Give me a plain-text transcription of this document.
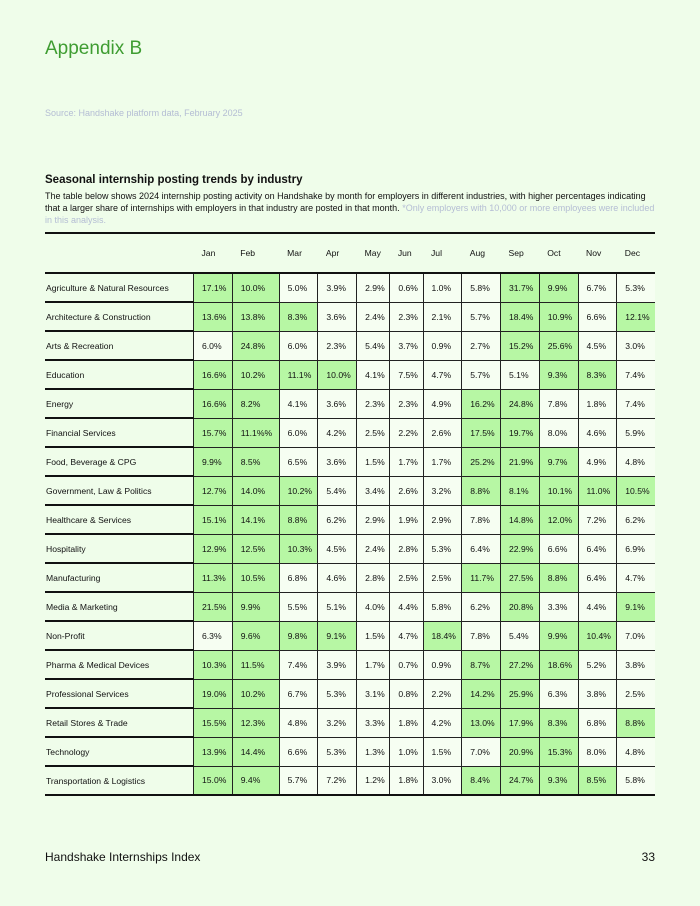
Appendix B
Source: Handshake platform data, February 2025
Seasonal internship posting trends by industry
The table below shows 2024 internship posting activity on Handshake by month for employers in different industries, with higher percentages indicating that a larger share of internships with employers in that industry are posted in that month. *Only employers with 10,000 or more employees were included in this analysis.
	Jan	Feb	Mar	Apr	May	Jun	Jul	Aug	Sep	Oct	Nov	Dec
Agriculture & Natural Resources	17.1%	10.0%	5.0%	3.9%	2.9%	0.6%	1.0%	5.8%	31.7%	9.9%	6.7%	5.3%
Architecture & Construction	13.6%	13.8%	8.3%	3.6%	2.4%	2.3%	2.1%	5.7%	18.4%	10.9%	6.6%	12.1%
Arts & Recreation	6.0%	24.8%	6.0%	2.3%	5.4%	3.7%	0.9%	2.7%	15.2%	25.6%	4.5%	3.0%
Education	16.6%	10.2%	11.1%	10.0%	4.1%	7.5%	4.7%	5.7%	5.1%	9.3%	8.3%	7.4%
Energy	16.6%	8.2%	4.1%	3.6%	2.3%	2.3%	4.9%	16.2%	24.8%	7.8%	1.8%	7.4%
Financial Services	15.7%	11.1%%	6.0%	4.2%	2.5%	2.2%	2.6%	17.5%	19.7%	8.0%	4.6%	5.9%
Food, Beverage & CPG	9.9%	8.5%	6.5%	3.6%	1.5%	1.7%	1.7%	25.2%	21.9%	9.7%	4.9%	4.8%
Government, Law & Politics	12.7%	14.0%	10.2%	5.4%	3.4%	2.6%	3.2%	8.8%	8.1%	10.1%	11.0%	10.5%
Healthcare & Services	15.1%	14.1%	8.8%	6.2%	2.9%	1.9%	2.9%	7.8%	14.8%	12.0%	7.2%	6.2%
Hospitality	12.9%	12.5%	10.3%	4.5%	2.4%	2.8%	5.3%	6.4%	22.9%	6.6%	6.4%	6.9%
Manufacturing	11.3%	10.5%	6.8%	4.6%	2.8%	2.5%	2.5%	11.7%	27.5%	8.8%	6.4%	4.7%
Media & Marketing	21.5%	9.9%	5.5%	5.1%	4.0%	4.4%	5.8%	6.2%	20.8%	3.3%	4.4%	9.1%
Non-Profit	6.3%	9.6%	9.8%	9.1%	1.5%	4.7%	18.4%	7.8%	5.4%	9.9%	10.4%	7.0%
Pharma & Medical Devices	10.3%	11.5%	7.4%	3.9%	1.7%	0.7%	0.9%	8.7%	27.2%	18.6%	5.2%	3.8%
Professional Services	19.0%	10.2%	6.7%	5.3%	3.1%	0.8%	2.2%	14.2%	25.9%	6.3%	3.8%	2.5%
Retail Stores & Trade	15.5%	12.3%	4.8%	3.2%	3.3%	1.8%	4.2%	13.0%	17.9%	8.3%	6.8%	8.8%
Technology	13.9%	14.4%	6.6%	5.3%	1.3%	1.0%	1.5%	7.0%	20.9%	15.3%	8.0%	4.8%
Transportation & Logistics	15.0%	9.4%	5.7%	7.2%	1.2%	1.8%	3.0%	8.4%	24.7%	9.3%	8.5%	5.8%
Handshake Internships Index	33
